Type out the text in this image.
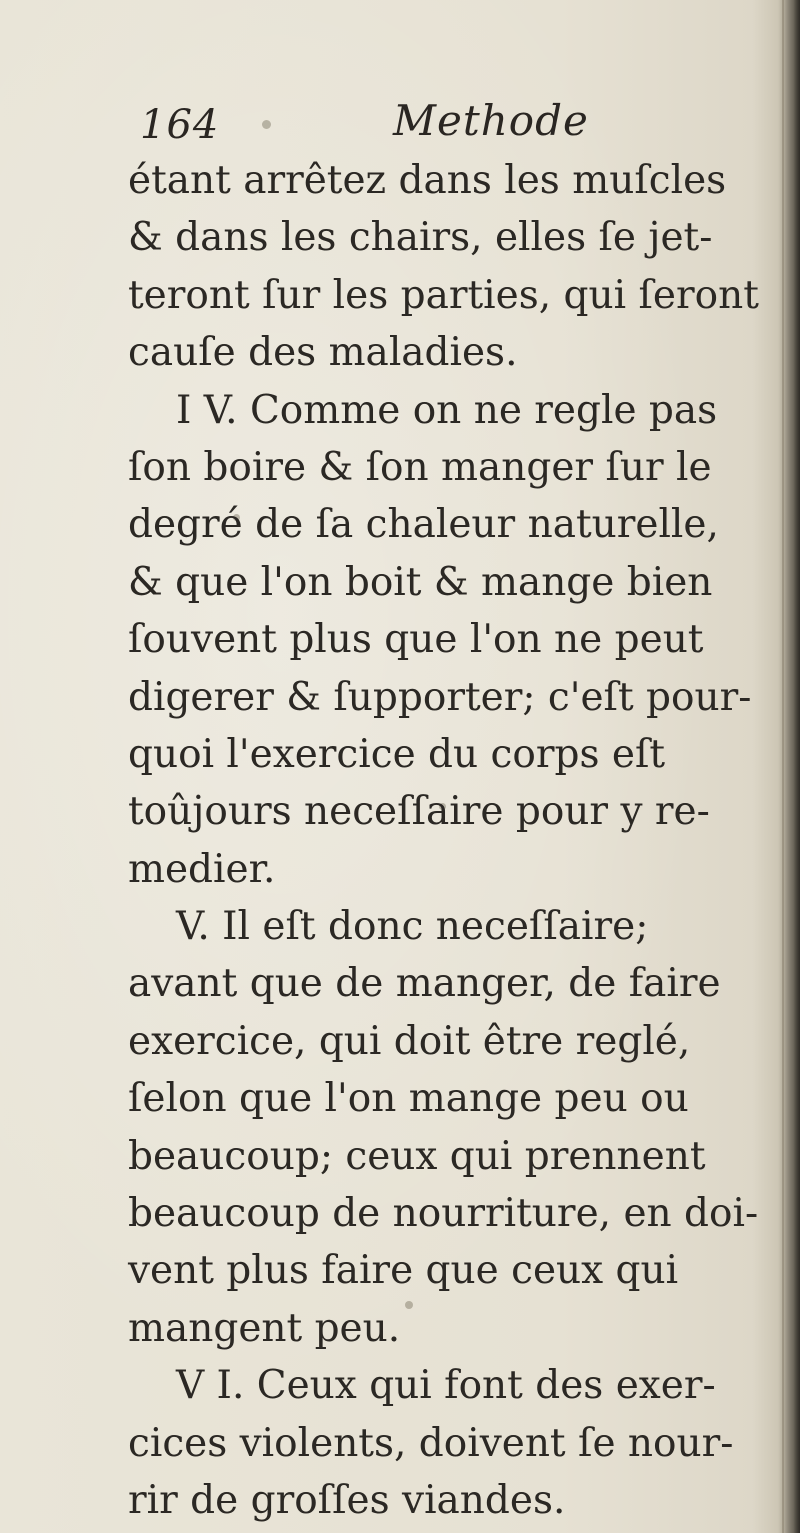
164	Methode
étant arrêtez dans les muſcles
& dans les chairs, elles ſe jet-
teront ſur les parties, qui ſeront
cauſe des maladies.
I V. Comme on ne regle pas
ſon boire & ſon manger ſur le
degré de ſa chaleur naturelle,
& que l'on boit & mange bien
ſouvent plus que l'on ne peut
digerer & ſupporter; c'eſt pour-
quoi l'exercice du corps eſt
toûjours neceſſaire pour y re-
medier.
V. Il eſt donc neceſſaire;
avant que de manger, de faire
exercice, qui doit être reglé,
ſelon que l'on mange peu ou
beaucoup; ceux qui prennent
beaucoup de nourriture, en doi-
vent plus faire que ceux qui
mangent peu.
V I. Ceux qui font des exer-
cices violents, doivent ſe nour-
rir de groſſes viandes.
